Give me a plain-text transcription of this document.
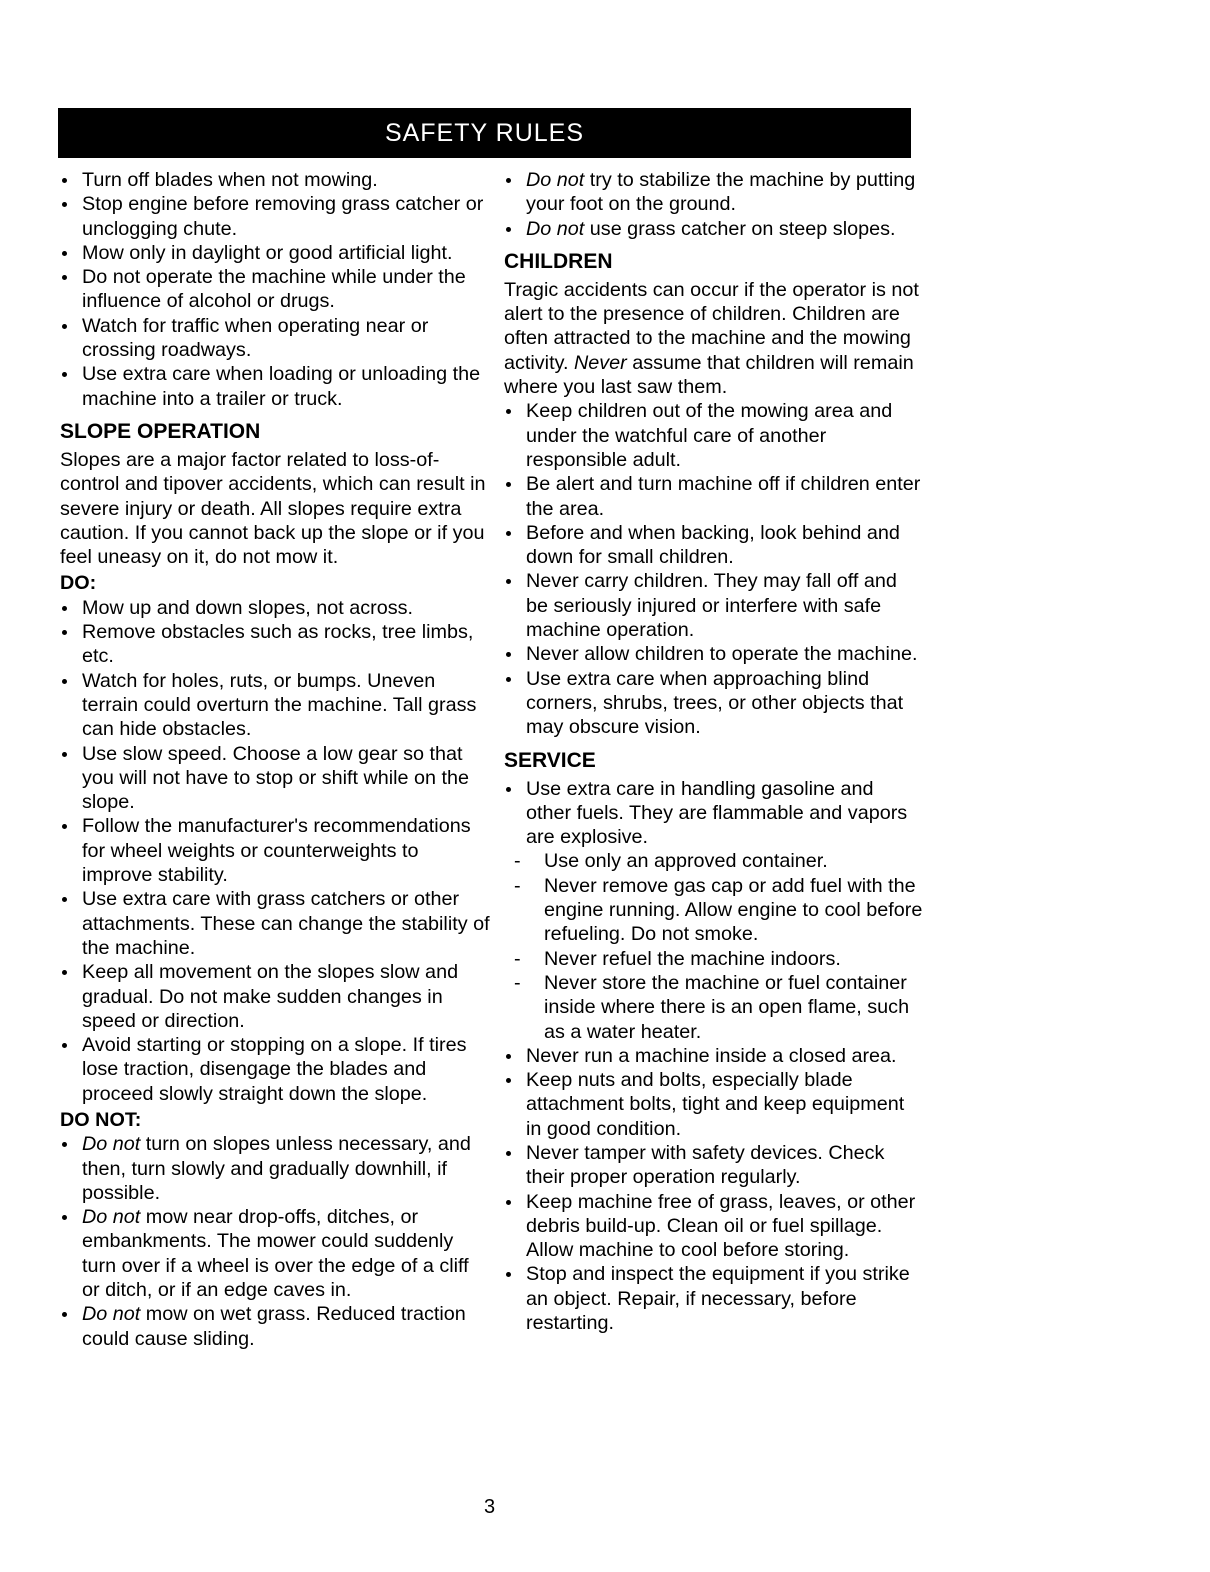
SAFETY RULES
Turn off blades when not mowing.
Stop engine before removing grass catcher or unclogging chute.
Mow only in daylight or good artificial light.
Do not operate the machine while under the influence of alcohol or drugs.
Watch for traffic when operating near or crossing roadways.
Use extra care when loading or unloading the machine into a trailer or truck.
SLOPE OPERATION

Slopes are a major factor related to loss-of-control and tipover accidents, which can result in severe injury or death. All slopes require extra caution. If you cannot back up the slope or if you feel uneasy on it, do not mow it.

DO:
Mow up and down slopes, not across.
Remove obstacles such as rocks, tree limbs, etc.
Watch for holes, ruts, or bumps. Uneven terrain could overturn the machine. Tall grass can hide obstacles.
Use slow speed. Choose a low gear so that you will not have to stop or shift while on the slope.
Follow the manufacturer's recommendations for wheel weights or counterweights to improve stability.
Use extra care with grass catchers or other attachments. These can change the stability of the machine.
Keep all movement on the slopes slow and gradual. Do not make sudden changes in speed or direction.
Avoid starting or stopping on a slope. If tires lose traction, disengage the blades and proceed slowly straight down the slope.
DO NOT:
Do not turn on slopes unless necessary, and then, turn slowly and gradually downhill, if possible.
Do not mow near drop-offs, ditches, or embankments. The mower could suddenly turn over if a wheel is over the edge of a cliff or ditch, or if an edge caves in.
Do not mow on wet grass. Reduced traction could cause sliding.
Do not try to stabilize the machine by putting your foot on the ground.
Do not use grass catcher on steep slopes.
CHILDREN

Tragic accidents can occur if the operator is not alert to the presence of children. Children are often attracted to the machine and the mowing activity. Never assume that children will remain where you last saw them.

Keep children out of the mowing area and under the watchful care of another responsible adult.
Be alert and turn machine off if children enter the area.
Before and when backing, look behind and down for small children.
Never carry children. They may fall off and be seriously injured or interfere with safe machine operation.
Never allow children to operate the machine.
Use extra care when approaching blind corners, shrubs, trees, or other objects that may obscure vision.
SERVICE
Use extra care in handling gasoline and other fuels. They are flammable and vapors are explosive.
- Use only an approved container.
- Never remove gas cap or add fuel with the engine running. Allow engine to cool before refueling. Do not smoke.
- Never refuel the machine indoors.
- Never store the machine or fuel container inside where there is an open flame, such as a water heater.
Never run a machine inside a closed area.
Keep nuts and bolts, especially blade attachment bolts, tight and keep equipment in good condition.
Never tamper with safety devices. Check their proper operation regularly.
Keep machine free of grass, leaves, or other debris build-up. Clean oil or fuel spillage. Allow machine to cool before storing.
Stop and inspect the equipment if you strike an object. Repair, if necessary, before restarting.
3
